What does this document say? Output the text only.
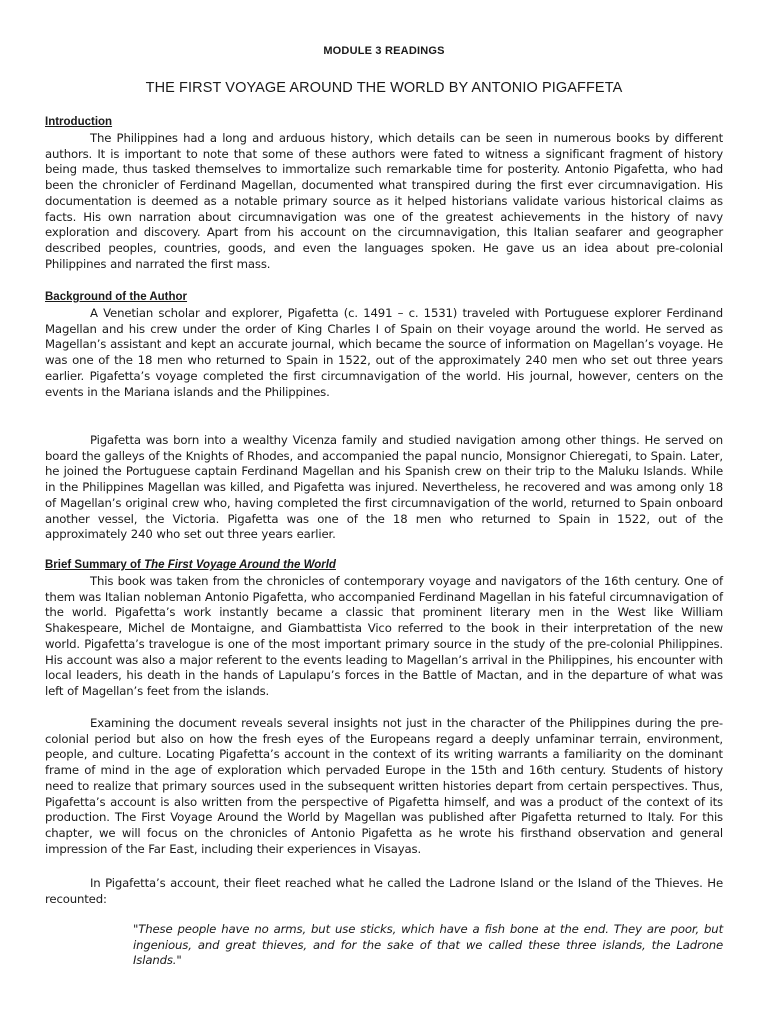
MODULE 3 READINGS
THE FIRST VOYAGE AROUND THE WORLD BY ANTONIO PIGAFFETA
Introduction

The Philippines had a long and arduous history, which details can be seen in numerous books by different authors. It is important to note that some of these authors were fated to witness a significant fragment of history being made, thus tasked themselves to immortalize such remarkable time for posterity. Antonio Pigafetta, who had been the chronicler of Ferdinand Magellan, documented what transpired during the first ever circumnavigation. His documentation is deemed as a notable primary source as it helped historians validate various historical claims as facts. His own narration about circumnavigation was one of the greatest achievements in the history of navy exploration and discovery. Apart from his account on the circumnavigation, this Italian seafarer and geographer described peoples, countries, goods, and even the languages spoken. He gave us an idea about pre-colonial Philippines and narrated the first mass.

Background of the Author

A Venetian scholar and explorer, Pigafetta (c. 1491 – c. 1531) traveled with Portuguese explorer Ferdinand Magellan and his crew under the order of King Charles I of Spain on their voyage around the world. He served as Magellan’s assistant and kept an accurate journal, which became the source of information on Magellan’s voyage. He was one of the 18 men who returned to Spain in 1522, out of the approximately 240 men who set out three years earlier. Pigafetta’s voyage completed the first circumnavigation of the world. His journal, however, centers on the events in the Mariana islands and the Philippines.

Pigafetta was born into a wealthy Vicenza family and studied navigation among other things. He served on board the galleys of the Knights of Rhodes, and accompanied the papal nuncio, Monsignor Chieregati, to Spain. Later, he joined the Portuguese captain Ferdinand Magellan and his Spanish crew on their trip to the Maluku Islands. While in the Philippines Magellan was killed, and Pigafetta was injured. Nevertheless, he recovered and was among only 18 of Magellan’s original crew who, having completed the first circumnavigation of the world, returned to Spain onboard another vessel, the Victoria. Pigafetta was one of the 18 men who returned to Spain in 1522, out of the approximately 240 who set out three years earlier.

Brief Summary of The First Voyage Around the World

This book was taken from the chronicles of contemporary voyage and navigators of the 16th century. One of them was Italian nobleman Antonio Pigafetta, who accompanied Ferdinand Magellan in his fateful circumnavigation of the world. Pigafetta’s work instantly became a classic that prominent literary men in the West like William Shakespeare, Michel de Montaigne, and Giambattista Vico referred to the book in their interpretation of the new world. Pigafetta’s travelogue is one of the most important primary source in the study of the pre-colonial Philippines. His account was also a major referent to the events leading to Magellan’s arrival in the Philippines, his encounter with local leaders, his death in the hands of Lapulapu’s forces in the Battle of Mactan, and in the departure of what was left of Magellan’s feet from the islands.

Examining the document reveals several insights not just in the character of the Philippines during the pre-colonial period but also on how the fresh eyes of the Europeans regard a deeply unfaminar terrain, environment, people, and culture. Locating Pigafetta’s account in the context of its writing warrants a familiarity on the dominant frame of mind in the age of exploration which pervaded Europe in the 15th and 16th century. Students of history need to realize that primary sources used in the subsequent written histories depart from certain perspectives. Thus, Pigafetta’s account is also written from the perspective of Pigafetta himself, and was a product of the context of its production. The First Voyage Around the World by Magellan was published after Pigafetta returned to Italy. For this chapter, we will focus on the chronicles of Antonio Pigafetta as he wrote his firsthand observation and general impression of the Far East, including their experiences in Visayas.

In Pigafetta’s account, their fleet reached what he called the Ladrone Island or the Island of the Thieves. He recounted:

"These people have no arms, but use sticks, which have a fish bone at the end. They are poor, but ingenious, and great thieves, and for the sake of that we called these three islands, the Ladrone Islands."
